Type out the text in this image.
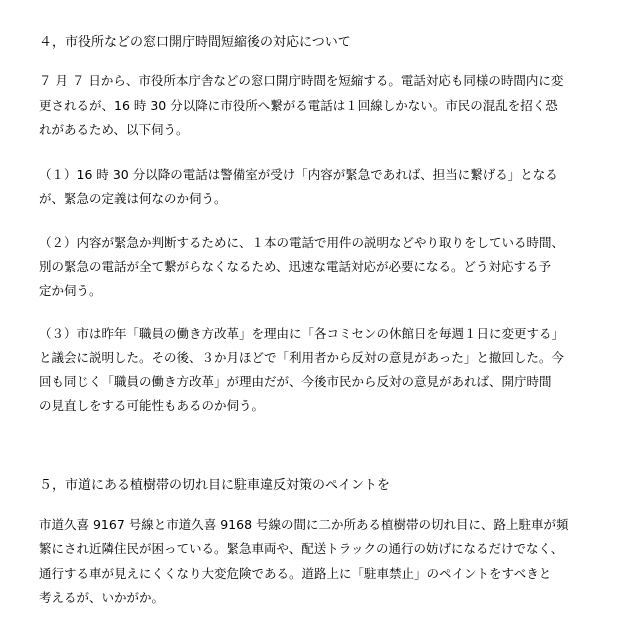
４，市役所などの窓口開庁時間短縮後の対応について
７ 月 ７ 日から、市役所本庁舎などの窓口開庁時間を短縮する。電話対応も同様の時間内に変
更されるが、16 時 30 分以降に市役所へ繋がる電話は１回線しかない。市民の混乱を招く恐
れがあるため、以下伺う。
（１）16 時 30 分以降の電話は警備室が受け「内容が緊急であれば、担当に繋げる」となる
が、緊急の定義は何なのか伺う。
（２）内容が緊急か判断するために、１本の電話で用件の説明などやり取りをしている時間、
別の緊急の電話が全て繋がらなくなるため、迅速な電話対応が必要になる。どう対応する予
定か伺う。
（３）市は昨年「職員の働き方改革」を理由に「各コミセンの休館日を毎週１日に変更する」
と議会に説明した。その後、３か月ほどで「利用者から反対の意見があった」と撤回した。今
回も同じく「職員の働き方改革」が理由だが、今後市民から反対の意見があれば、開庁時間
の見直しをする可能性もあるのか伺う。
５，市道にある植樹帯の切れ目に駐車違反対策のペイントを
市道久喜 9167 号線と市道久喜 9168 号線の間に二か所ある植樹帯の切れ目に、路上駐車が頻
繁にされ近隣住民が困っている。緊急車両や、配送トラックの通行の妨げになるだけでなく、
通行する車が見えにくくなり大変危険である。道路上に「駐車禁止」のペイントをすべきと
考えるが、いかがか。
